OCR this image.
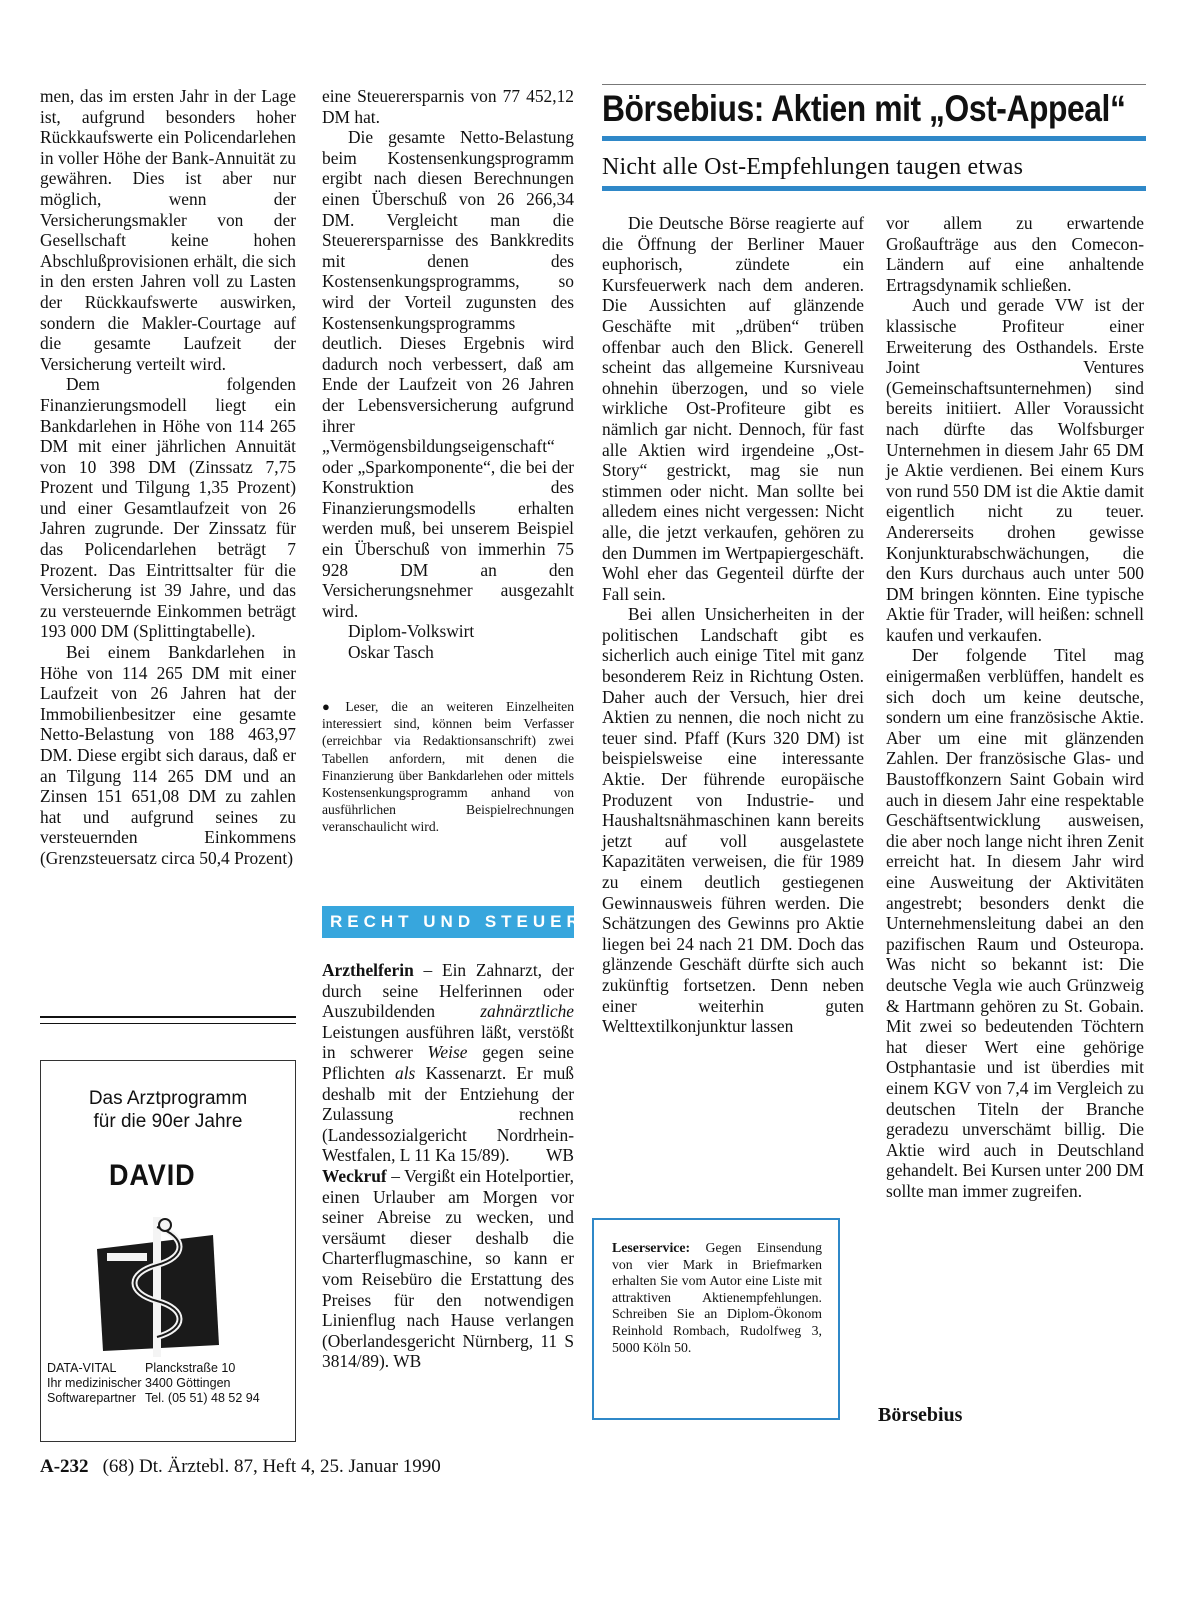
men, das im ersten Jahr in der Lage ist, aufgrund besonders hoher Rückkaufswerte ein Policendarlehen in voller Höhe der Bank-Annuität zu gewähren. Dies ist aber nur möglich, wenn der Versicherungsmakler von der Gesellschaft keine hohen Abschlußprovisionen erhält, die sich in den ersten Jahren voll zu Lasten der Rückkaufswerte auswirken, sondern die Makler-Courtage auf die gesamte Laufzeit der Versicherung verteilt wird.

Dem folgenden Finanzierungsmodell liegt ein Bankdarlehen in Höhe von 114 265 DM mit einer jährlichen Annuität von 10 398 DM (Zinssatz 7,75 Prozent und Tilgung 1,35 Prozent) und einer Gesamtlaufzeit von 26 Jahren zugrunde. Der Zinssatz für das Policendarlehen beträgt 7 Prozent. Das Eintrittsalter für die Versicherung ist 39 Jahre, und das zu versteuernde Einkommen beträgt 193 000 DM (Splittingtabelle).

Bei einem Bankdarlehen in Höhe von 114 265 DM mit einer Laufzeit von 26 Jahren hat der Immobilienbesitzer eine gesamte Netto-Belastung von 188 463,97 DM. Diese ergibt sich daraus, daß er an Tilgung 114 265 DM und an Zinsen 151 651,08 DM zu zahlen hat und aufgrund seines zu versteuernden Einkommens (Grenzsteuersatz circa 50,4 Prozent)

Das Arztprogramm
für die 90er Jahre
DAVID
DATA-VITAL
Ihr medizinischer
Softwarepartner
Planckstraße 10
3400 Göttingen
Tel. (05 51) 48 52 94

eine Steuerersparnis von 77 452,12 DM hat.

Die gesamte Netto-Belastung beim Kostensenkungsprogramm ergibt nach diesen Berechnungen einen Überschuß von 26 266,34 DM. Vergleicht man die Steuerersparnisse des Bankkredits mit denen des Kostensenkungsprogramms, so wird der Vorteil zugunsten des Kostensenkungsprogramms deutlich. Dieses Ergebnis wird dadurch noch verbessert, daß am Ende der Laufzeit von 26 Jahren der Lebensversicherung aufgrund ihrer „Vermögensbildungseigenschaft“ oder „Sparkomponente“, die bei der Konstruktion des Finanzierungsmodells erhalten werden muß, bei unserem Beispiel ein Überschuß von immerhin 75 928 DM an den Versicherungsnehmer ausgezahlt wird.

Diplom-Volkswirt

Oskar Tasch

● Leser, die an weiteren Einzelheiten interessiert sind, können beim Verfasser (erreichbar via Redaktionsanschrift) zwei Tabellen anfordern, mit denen die Finanzierung über Bankdarlehen oder mittels Kostensenkungsprogramm anhand von ausführlichen Beispielrechnungen veranschaulicht wird.
RECHT UND STEUER

Arzthelferin – Ein Zahnarzt, der durch seine Helferinnen oder Auszubildenden zahnärztliche Leistungen ausführen läßt, verstößt in schwerer Weise gegen seine Pflichten als Kassenarzt. Er muß deshalb mit der Entziehung der Zulassung rechnen (Landessozialgericht Nordrhein-Westfalen, L 11 Ka 15/89). WB

Weckruf – Vergißt ein Hotelportier, einen Urlauber am Morgen vor seiner Abreise zu wecken, und versäumt dieser deshalb die Charterflugmaschine, so kann er vom Reisebüro die Erstattung des Preises für den notwendigen Linienflug nach Hause verlangen (Oberlandesgericht Nürnberg, 11 S 3814/89). WB

Börsebius: Aktien mit „Ost-Appeal“
Nicht alle Ost-Empfehlungen taugen etwas

Die Deutsche Börse reagierte auf die Öffnung der Berliner Mauer euphorisch, zündete ein Kursfeuerwerk nach dem anderen. Die Aussichten auf glänzende Geschäfte mit „drüben“ trüben offenbar auch den Blick. Generell scheint das allgemeine Kursniveau ohnehin überzogen, und so viele wirkliche Ost-Profiteure gibt es nämlich gar nicht. Dennoch, für fast alle Aktien wird irgendeine „Ost-Story“ gestrickt, mag sie nun stimmen oder nicht. Man sollte bei alledem eines nicht vergessen: Nicht alle, die jetzt verkaufen, gehören zu den Dummen im Wertpapiergeschäft. Wohl eher das Gegenteil dürfte der Fall sein.

Bei allen Unsicherheiten in der politischen Landschaft gibt es sicherlich auch einige Titel mit ganz besonderem Reiz in Richtung Osten. Daher auch der Versuch, hier drei Aktien zu nennen, die noch nicht zu teuer sind. Pfaff (Kurs 320 DM) ist beispielsweise eine interessante Aktie. Der führende europäische Produzent von Industrie- und Haushaltsnähmaschinen kann bereits jetzt auf voll ausgelastete Kapazitäten verweisen, die für 1989 zu einem deutlich gestiegenen Gewinnausweis führen werden. Die Schätzungen des Gewinns pro Aktie liegen bei 24 nach 21 DM. Doch das glänzende Geschäft dürfte sich auch zukünftig fortsetzen. Denn neben einer weiterhin guten Welttextilkonjunktur lassen

Leserservice: Gegen Einsendung von vier Mark in Briefmarken erhalten Sie vom Autor eine Liste mit attraktiven Aktienempfehlungen. Schreiben Sie an Diplom-Ökonom Reinhold Rombach, Rudolfweg 3, 5000 Köln 50.

vor allem zu erwartende Großaufträge aus den Comecon-Ländern auf eine anhaltende Ertragsdynamik schließen.

Auch und gerade VW ist der klassische Profiteur einer Erweiterung des Osthandels. Erste Joint Ventures (Gemeinschaftsunternehmen) sind bereits initiiert. Aller Voraussicht nach dürfte das Wolfsburger Unternehmen in diesem Jahr 65 DM je Aktie verdienen. Bei einem Kurs von rund 550 DM ist die Aktie damit eigentlich nicht zu teuer. Andererseits drohen gewisse Konjunkturabschwächungen, die den Kurs durchaus auch unter 500 DM bringen könnten. Eine typische Aktie für Trader, will heißen: schnell kaufen und verkaufen.

Der folgende Titel mag einigermaßen verblüffen, handelt es sich doch um keine deutsche, sondern um eine französische Aktie. Aber um eine mit glänzenden Zahlen. Der französische Glas- und Baustoffkonzern Saint Gobain wird auch in diesem Jahr eine respektable Geschäftsentwicklung ausweisen, die aber noch lange nicht ihren Zenit erreicht hat. In diesem Jahr wird eine Ausweitung der Aktivitäten angestrebt; besonders denkt die Unternehmensleitung dabei an den pazifischen Raum und Osteuropa. Was nicht so bekannt ist: Die deutsche Vegla wie auch Grünzweig & Hartmann gehören zu St. Gobain. Mit zwei so bedeutenden Töchtern hat dieser Wert eine gehörige Ostphantasie und ist überdies mit einem KGV von 7,4 im Vergleich zu deutschen Titeln der Branche geradezu unverschämt billig. Die Aktie wird auch in Deutschland gehandelt. Bei Kursen unter 200 DM sollte man immer zugreifen.

Börsebius
A-232 (68) Dt. Ärztebl. 87, Heft 4, 25. Januar 1990
